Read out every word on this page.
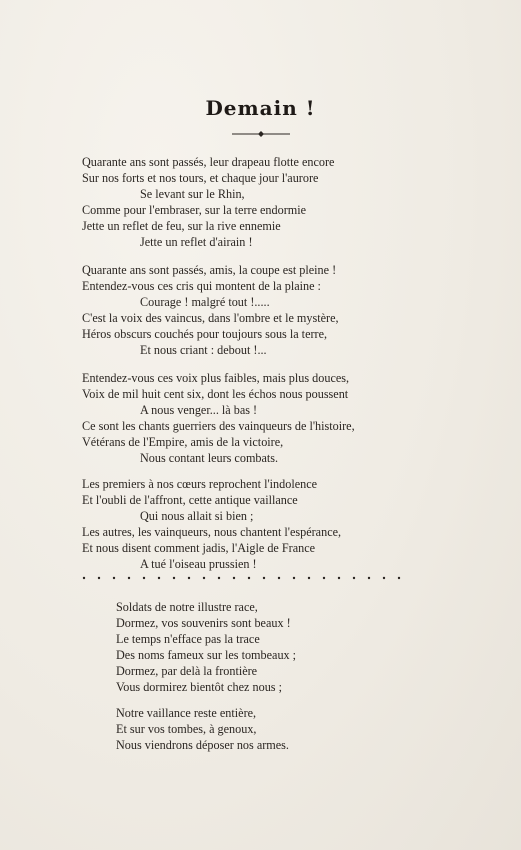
Demain !
Quarante ans sont passés, leur drapeau flotte encore
Sur nos forts et nos tours, et chaque jour l'aurore
Se levant sur le Rhin,
Comme pour l'embraser, sur la terre endormie
Jette un reflet de feu, sur la rive ennemie
Jette un reflet d'airain !
Quarante ans sont passés, amis, la coupe est pleine !
Entendez-vous ces cris qui montent de la plaine :
Courage ! malgré tout !.....
C'est la voix des vaincus, dans l'ombre et le mystère,
Héros obscurs couchés pour toujours sous la terre,
Et nous criant : debout !...
Entendez-vous ces voix plus faibles, mais plus douces,
Voix de mil huit cent six, dont les échos nous poussent
A nous venger... là bas !
Ce sont les chants guerriers des vainqueurs de l'histoire,
Vétérans de l'Empire, amis de la victoire,
Nous contant leurs combats.
Les premiers à nos cœurs reprochent l'indolence
Et l'oubli de l'affront, cette antique vaillance
Qui nous allait si bien ;
Les autres, les vainqueurs, nous chantent l'espérance,
Et nous disent comment jadis, l'Aigle de France
A tué l'oiseau prussien !
Soldats de notre illustre race,
Dormez, vos souvenirs sont beaux !
Le temps n'efface pas la trace
Des noms fameux sur les tombeaux ;
Dormez, par delà la frontière
Vous dormirez bientôt chez nous ;
Notre vaillance reste entière,
Et sur vos tombes, à genoux,
Nous viendrons déposer nos armes.
